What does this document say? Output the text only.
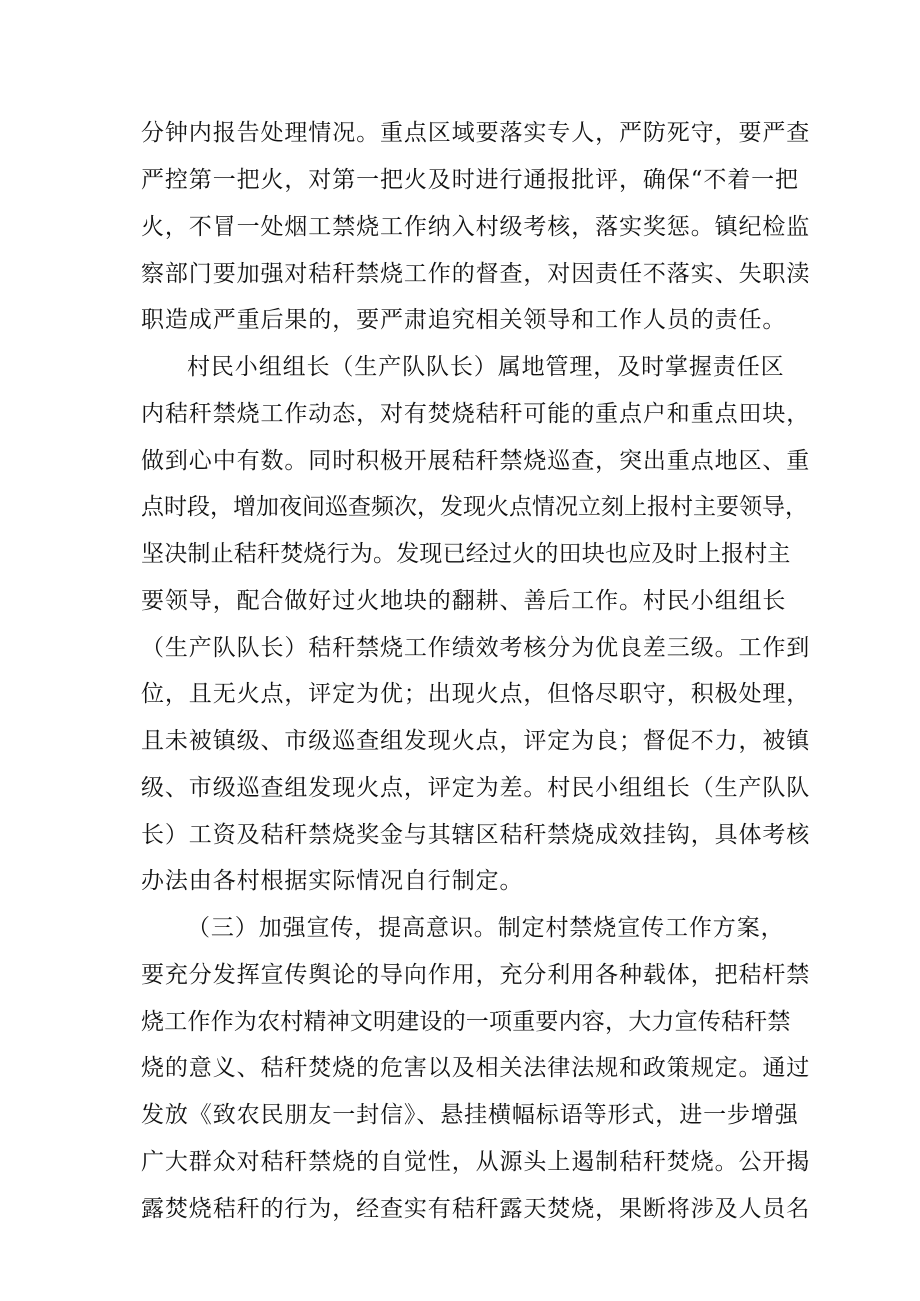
分钟内报告处理情况。重点区域要落实专人，严防死守，要严查
严控第一把火，对第一把火及时进行通报批评，确保“不着一把
火，不冒一处烟工禁烧工作纳入村级考核，落实奖惩。镇纪检监
察部门要加强对秸秆禁烧工作的督查，对因责任不落实、失职渎
职造成严重后果的，要严肃追究相关领导和工作人员的责任。
村民小组组长（生产队队长）属地管理，及时掌握责任区
内秸秆禁烧工作动态，对有焚烧秸秆可能的重点户和重点田块，
做到心中有数。同时积极开展秸秆禁烧巡查，突出重点地区、重
点时段，增加夜间巡查频次，发现火点情况立刻上报村主要领导，
坚决制止秸秆焚烧行为。发现已经过火的田块也应及时上报村主
要领导，配合做好过火地块的翻耕、善后工作。村民小组组长
（生产队队长）秸秆禁烧工作绩效考核分为优良差三级。工作到
位，且无火点，评定为优；出现火点，但恪尽职守，积极处理，
且未被镇级、市级巡查组发现火点，评定为良；督促不力，被镇
级、市级巡查组发现火点，评定为差。村民小组组长（生产队队
长）工资及秸秆禁烧奖金与其辖区秸秆禁烧成效挂钩，具体考核
办法由各村根据实际情况自行制定。
（三）加强宣传，提高意识。制定村禁烧宣传工作方案，
要充分发挥宣传舆论的导向作用，充分利用各种载体，把秸杆禁
烧工作作为农村精神文明建设的一项重要内容，大力宣传秸秆禁
烧的意义、秸秆焚烧的危害以及相关法律法规和政策规定。通过
发放《致农民朋友一封信》、悬挂横幅标语等形式，进一步增强
广大群众对秸秆禁烧的自觉性，从源头上遏制秸秆焚烧。公开揭
露焚烧秸秆的行为，经查实有秸秆露天焚烧，果断将涉及人员名
